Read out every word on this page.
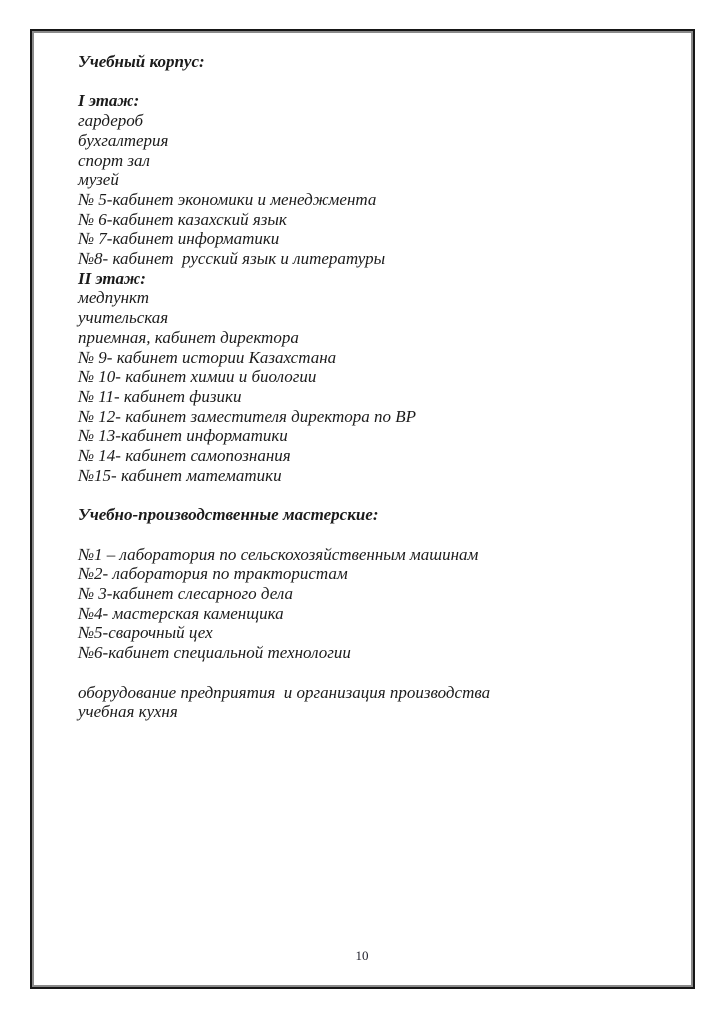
Учебный корпус:

I этаж:
гардероб
бухгалтерия
спорт зал
музей
№ 5-кабинет экономики и менеджмента
№ 6-кабинет казахский язык
№ 7-кабинет информатики
№8- кабинет  русский язык и литературы
II этаж:
медпункт
учительская
приемная, кабинет директора
№ 9- кабинет истории Казахстана
№ 10- кабинет химии и биологии
№ 11- кабинет физики
№ 12- кабинет заместителя директора по ВР
№ 13-кабинет информатики
№ 14- кабинет самопознания
№15- кабинет математики

Учебно-производственные мастерские:

№1 – лаборатория по сельскохозяйственным машинам
№2- лаборатория по трактористам
№ 3-кабинет слесарного дела
№4- мастерская каменщика
№5-сварочный цех
№6-кабинет специальной технологии

оборудование предприятия  и организация производства
учебная кухня
10
